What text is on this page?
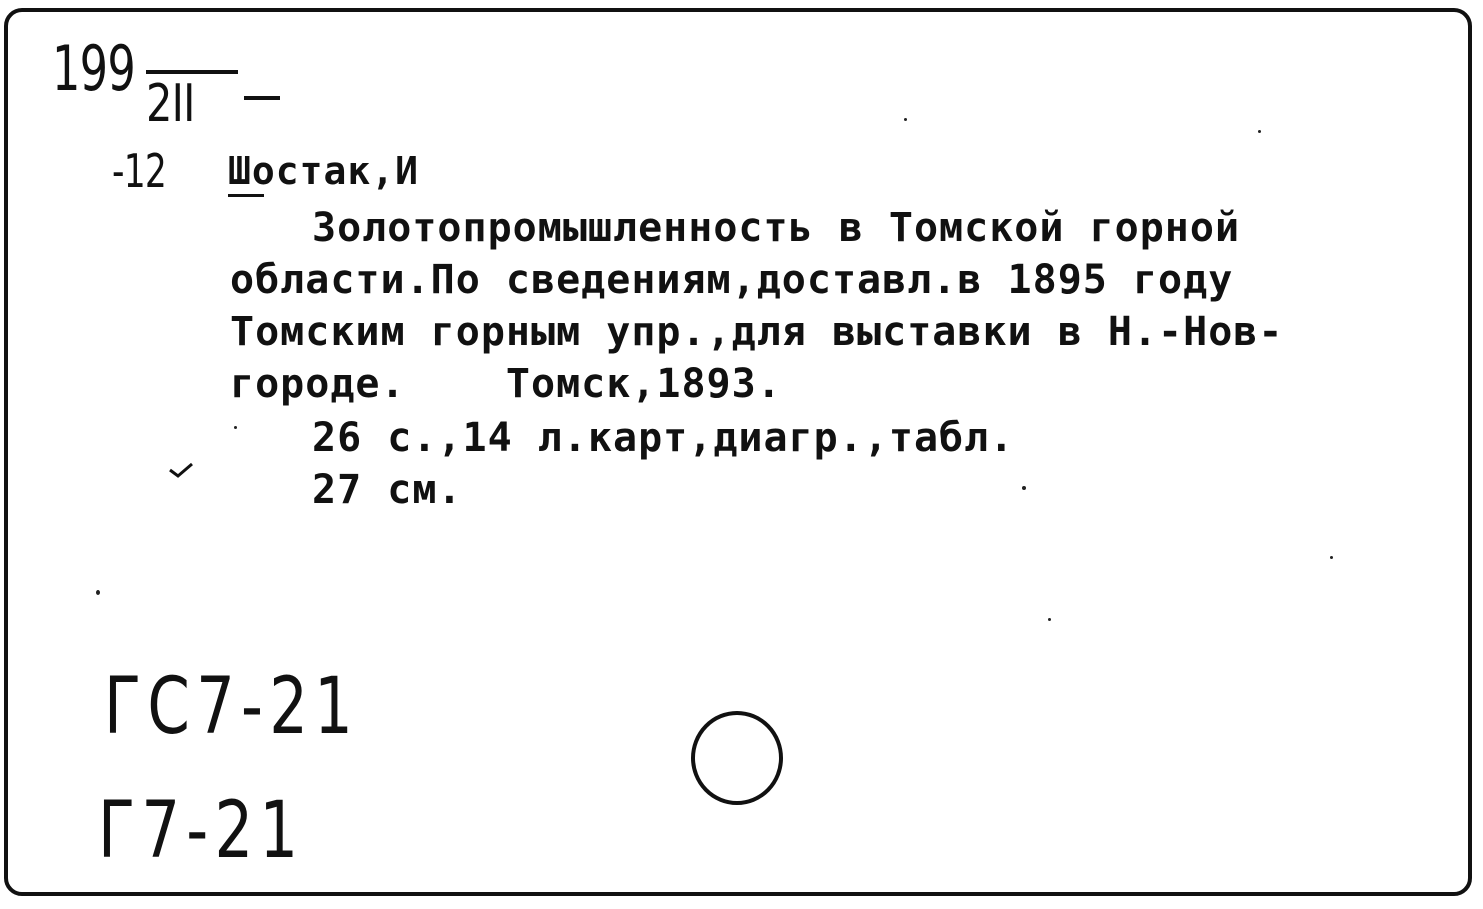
199 2ІІ
-12 Шостак,И
Золотопромышленность в Томской горной
области.По сведениям,доставл.в 1895 году
Томским горным упр.,для выставки в Н.-Нов-
городе.    Томск,1893.
26 с.,14 л.карт,диагр.,табл.
27 см.
ГС7-21
Г7-21
